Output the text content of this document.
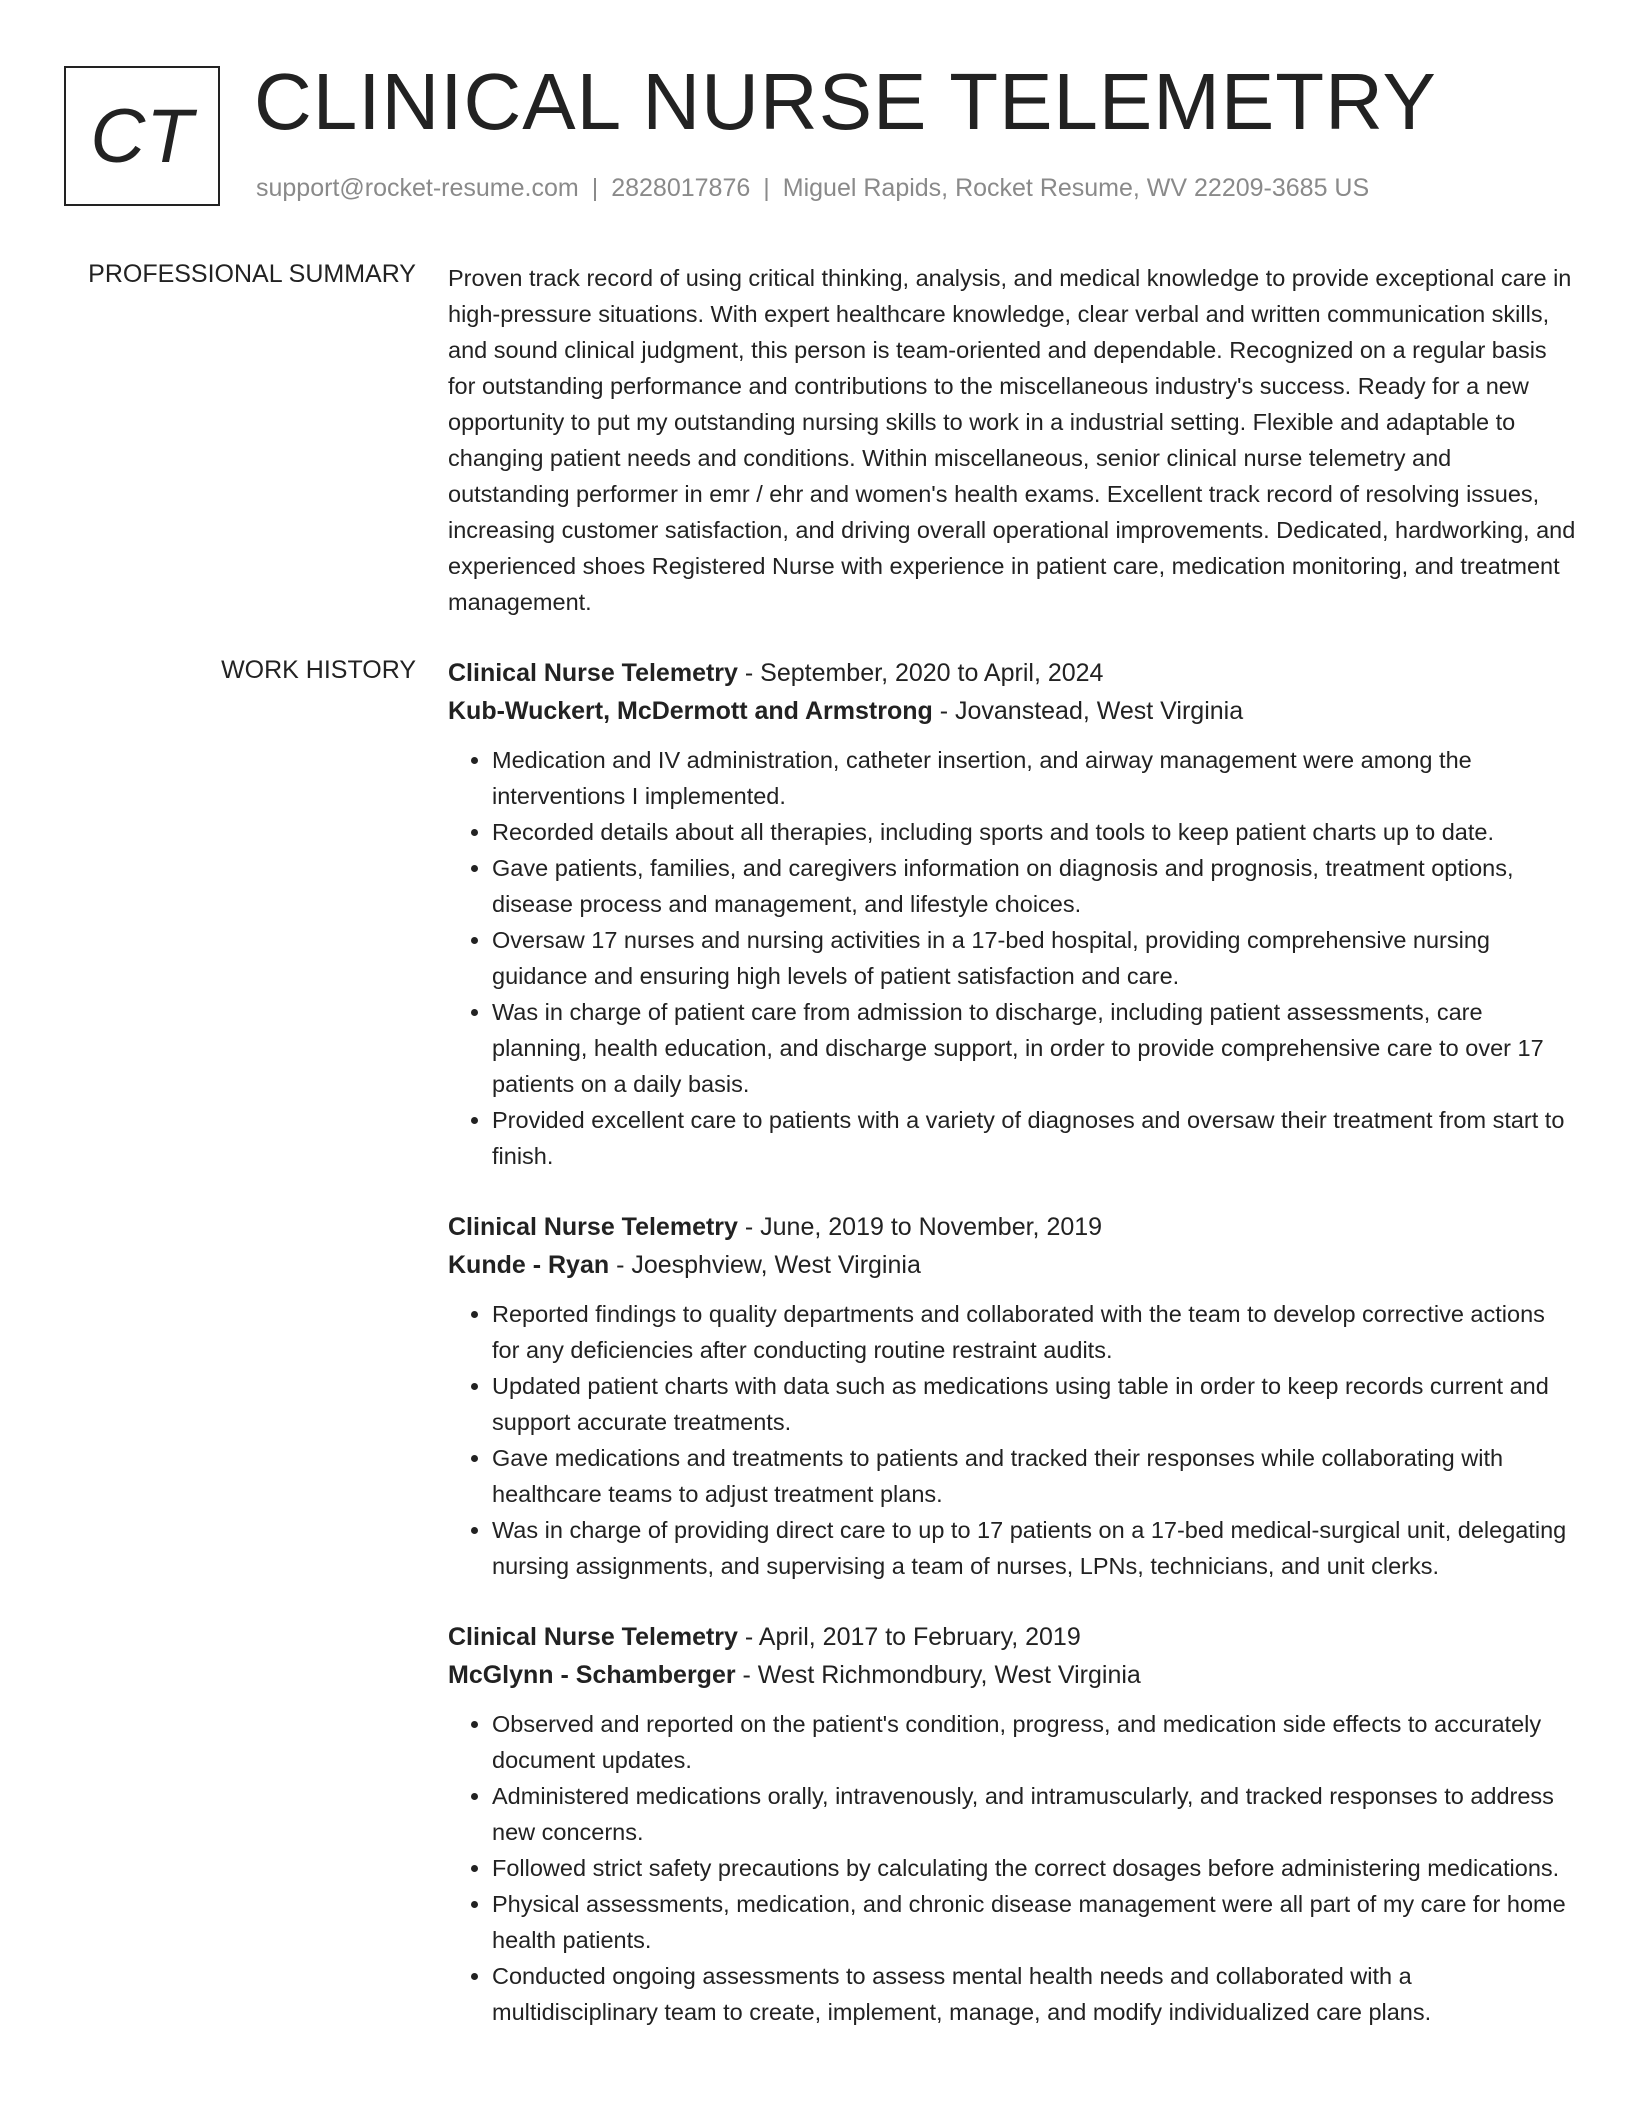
CT CLINICAL NURSE TELEMETRY
support@rocket-resume.com | 2828017876 | Miguel Rapids, Rocket Resume, WV 22209-3685 US
PROFESSIONAL SUMMARY Proven track record of using critical thinking, analysis, and medical knowledge to provide exceptional care in high-pressure situations. With expert healthcare knowledge, clear verbal and written communication skills, and sound clinical judgment, this person is team-oriented and dependable. Recognized on a regular basis for outstanding performance and contributions to the miscellaneous industry's success. Ready for a new opportunity to put my outstanding nursing skills to work in a industrial setting. Flexible and adaptable to changing patient needs and conditions. Within miscellaneous, senior clinical nurse telemetry and outstanding performer in emr / ehr and women's health exams. Excellent track record of resolving issues, increasing customer satisfaction, and driving overall operational improvements. Dedicated, hardworking, and experienced shoes Registered Nurse with experience in patient care, medication monitoring, and treatment management.

WORK HISTORY Clinical Nurse Telemetry - September, 2020 to April, 2024
Kub-Wuckert, McDermott and Armstrong - Jovanstead, West Virginia
• Medication and IV administration, catheter insertion, and airway management were among the interventions I implemented.
• Recorded details about all therapies, including sports and tools to keep patient charts up to date.
• Gave patients, families, and caregivers information on diagnosis and prognosis, treatment options, disease process and management, and lifestyle choices.
• Oversaw 17 nurses and nursing activities in a 17-bed hospital, providing comprehensive nursing guidance and ensuring high levels of patient satisfaction and care.
• Was in charge of patient care from admission to discharge, including patient assessments, care planning, health education, and discharge support, in order to provide comprehensive care to over 17 patients on a daily basis.
• Provided excellent care to patients with a variety of diagnoses and oversaw their treatment from start to finish.
Clinical Nurse Telemetry - June, 2019 to November, 2019
Kunde - Ryan - Joesphview, West Virginia
• Reported findings to quality departments and collaborated with the team to develop corrective actions for any deficiencies after conducting routine restraint audits.
• Updated patient charts with data such as medications using table in order to keep records current and support accurate treatments.
• Gave medications and treatments to patients and tracked their responses while collaborating with healthcare teams to adjust treatment plans.
• Was in charge of providing direct care to up to 17 patients on a 17-bed medical-surgical unit, delegating nursing assignments, and supervising a team of nurses, LPNs, technicians, and unit clerks.
Clinical Nurse Telemetry - April, 2017 to February, 2019
McGlynn - Schamberger - West Richmondbury, West Virginia
• Observed and reported on the patient's condition, progress, and medication side effects to accurately document updates.
• Administered medications orally, intravenously, and intramuscularly, and tracked responses to address new concerns.
• Followed strict safety precautions by calculating the correct dosages before administering medications.
• Physical assessments, medication, and chronic disease management were all part of my care for home health patients.
• Conducted ongoing assessments to assess mental health needs and collaborated with a multidisciplinary team to create, implement, manage, and modify individualized care plans.
